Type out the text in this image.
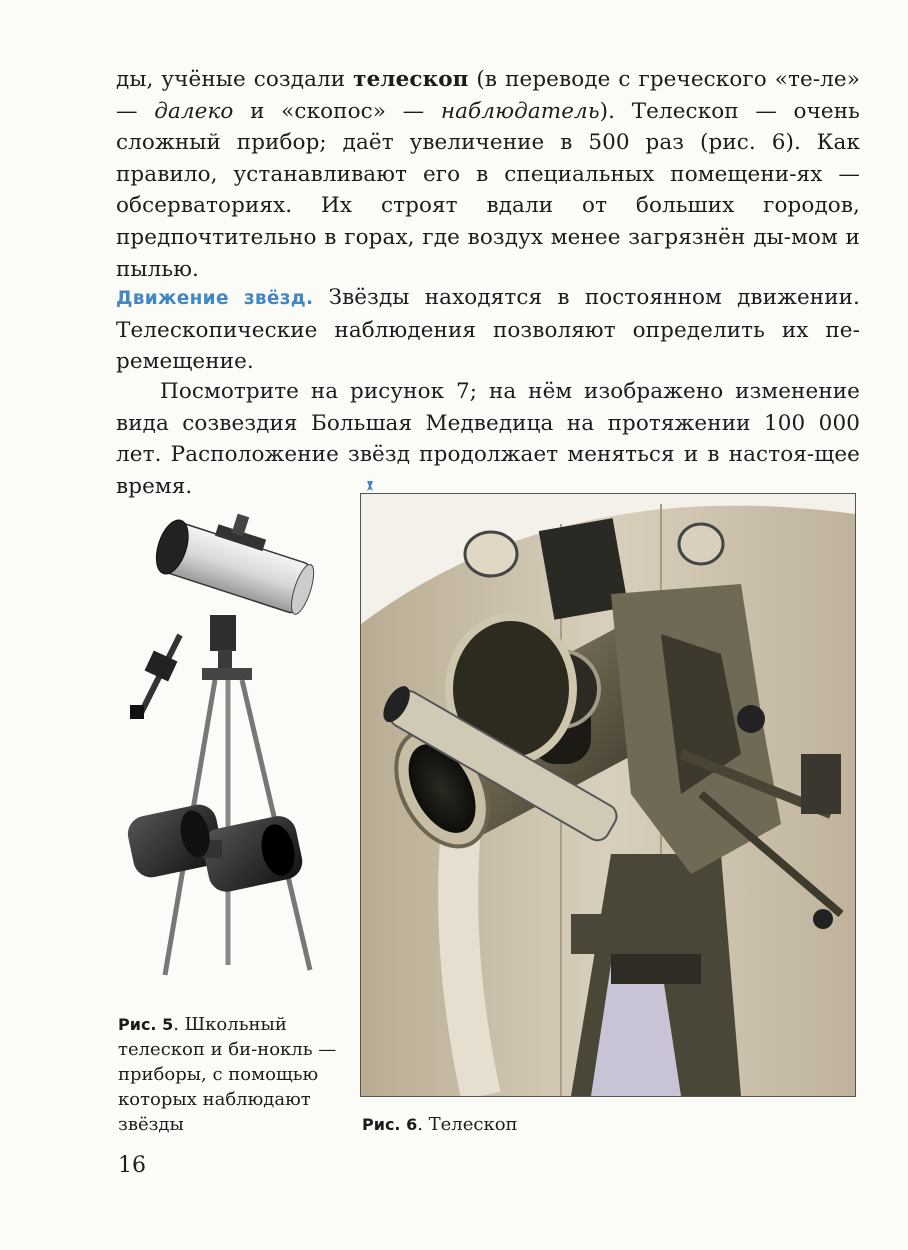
ды, учёные создали телескоп (в переводе с греческого «те-ле» — далеко и «скопос» — наблюдатель). Телескоп — очень сложный прибор; даёт увеличение в 500 раз (рис. 6). Как правило, устанавливают его в специальных помещени-ях — обсерваториях. Их строят вдали от больших городов, предпочтительно в горах, где воздух менее загрязнён ды-мом и пылью.

Движение звёзд. Звёзды находятся в постоянном движении. Телескопические наблюдения позволяют определить их пе-ремещение.

Посмотрите на рисунок 7; на нём изображено изменение вида созвездия Большая Медведица на протяжении 100 000 лет. Расположение звёзд продолжает меняться и в настоя-щее время.

Рис. 5. Школьный телескоп и би-нокль — приборы, с помощью которых наблюдают звёзды	Рис. 6. Телескоп

16
